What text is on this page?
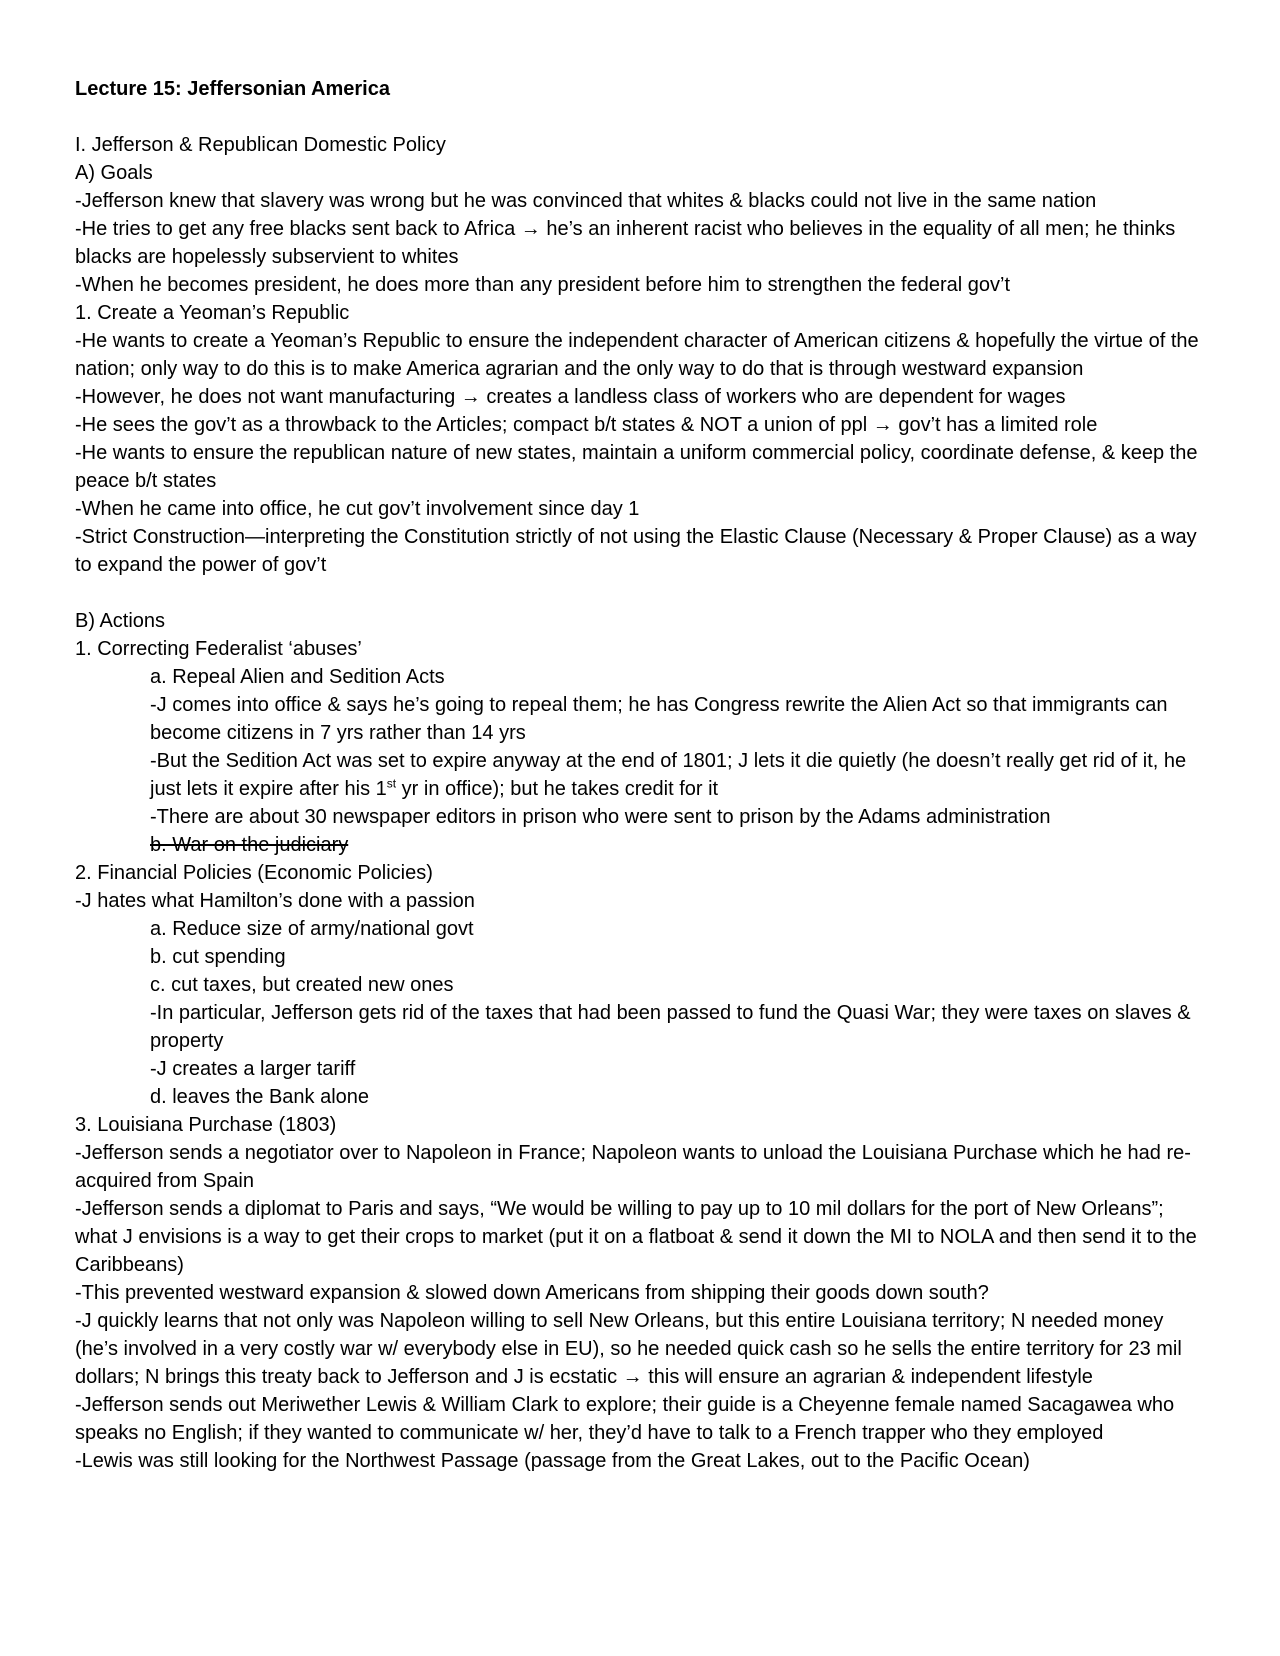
Lecture 15: Jeffersonian America
I. Jefferson & Republican Domestic Policy
A) Goals
-Jefferson knew that slavery was wrong but he was convinced that whites & blacks could not live in the same nation
-He tries to get any free blacks sent back to Africa → he’s an inherent racist who believes in the equality of all men; he thinks blacks are hopelessly subservient to whites
-When he becomes president, he does more than any president before him to strengthen the federal gov’t
1. Create a Yeoman’s Republic
-He wants to create a Yeoman’s Republic to ensure the independent character of American citizens & hopefully the virtue of the nation; only way to do this is to make America agrarian and the only way to do that is through westward expansion
-However, he does not want manufacturing → creates a landless class of workers who are dependent for wages
-He sees the gov’t as a throwback to the Articles; compact b/t states & NOT a union of ppl → gov’t has a limited role
-He wants to ensure the republican nature of new states, maintain a uniform commercial policy, coordinate defense, & keep the peace b/t states
-When he came into office, he cut gov’t involvement since day 1
-Strict Construction—interpreting the Constitution strictly of not using the Elastic Clause (Necessary & Proper Clause) as a way to expand the power of gov’t
B) Actions
1. Correcting Federalist ‘abuses’
a. Repeal Alien and Sedition Acts
-J comes into office & says he’s going to repeal them; he has Congress rewrite the Alien Act so that immigrants can become citizens in 7 yrs rather than 14 yrs
-But the Sedition Act was set to expire anyway at the end of 1801; J lets it die quietly (he doesn’t really get rid of it, he just lets it expire after his 1st yr in office); but he takes credit for it
-There are about 30 newspaper editors in prison who were sent to prison by the Adams administration
b. War on the judiciary
2. Financial Policies (Economic Policies)
-J hates what Hamilton’s done with a passion
a. Reduce size of army/national govt
b. cut spending
c. cut taxes, but created new ones
-In particular, Jefferson gets rid of the taxes that had been passed to fund the Quasi War; they were taxes on slaves & property
-J creates a larger tariff
d. leaves the Bank alone
3. Louisiana Purchase (1803)
-Jefferson sends a negotiator over to Napoleon in France; Napoleon wants to unload the Louisiana Purchase which he had re-acquired from Spain
-Jefferson sends a diplomat to Paris and says, “We would be willing to pay up to 10 mil dollars for the port of New Orleans”; what J envisions is a way to get their crops to market (put it on a flatboat & send it down the MI to NOLA and then send it to the Caribbeans)
-This prevented westward expansion & slowed down Americans from shipping their goods down south?
-J quickly learns that not only was Napoleon willing to sell New Orleans, but this entire Louisiana territory; N needed money (he’s involved in a very costly war w/ everybody else in EU), so he needed quick cash so he sells the entire territory for 23 mil dollars; N brings this treaty back to Jefferson and J is ecstatic → this will ensure an agrarian & independent lifestyle
-Jefferson sends out Meriwether Lewis & William Clark to explore; their guide is a Cheyenne female named Sacagawea who speaks no English; if they wanted to communicate w/ her, they’d have to talk to a French trapper who they employed
-Lewis was still looking for the Northwest Passage (passage from the Great Lakes, out to the Pacific Ocean)
